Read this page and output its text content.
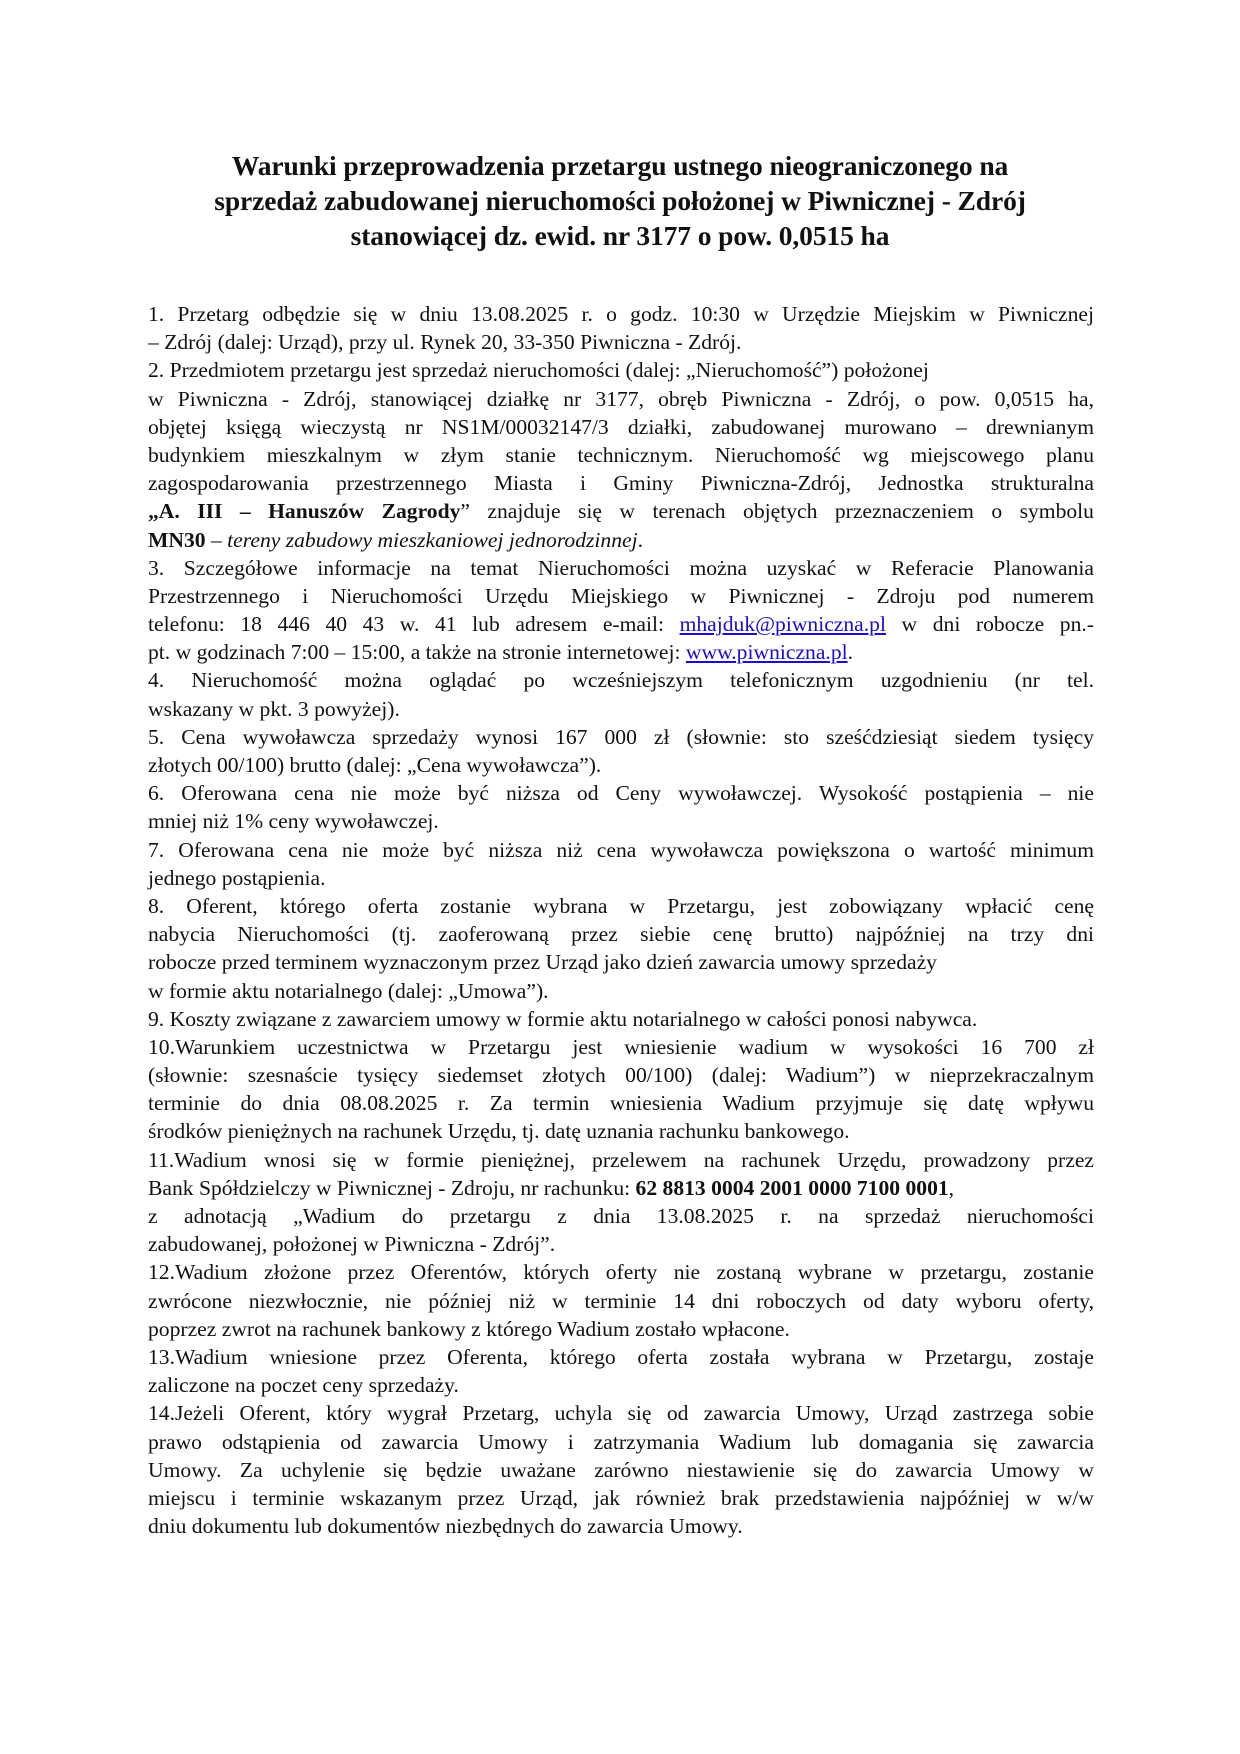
Warunki przeprowadzenia przetargu ustnego nieograniczonego na
sprzedaż zabudowanej nieruchomości położonej w Piwnicznej - Zdrój
stanowiącej dz. ewid. nr 3177 o pow. 0,0515 ha
1. Przetarg odbędzie się w dniu 13.08.2025 r. o godz. 10:30 w Urzędzie Miejskim w Piwnicznej
– Zdrój (dalej: Urząd), przy ul. Rynek 20, 33-350 Piwniczna - Zdrój.
2. Przedmiotem przetargu jest sprzedaż nieruchomości (dalej: „Nieruchomość”) położonej
w Piwniczna - Zdrój, stanowiącej działkę nr 3177, obręb Piwniczna - Zdrój, o pow. 0,0515 ha,
objętej księgą wieczystą nr NS1M/00032147/3 działki, zabudowanej murowano – drewnianym
budynkiem mieszkalnym w złym stanie technicznym. Nieruchomość wg miejscowego planu
zagospodarowania przestrzennego Miasta i Gminy Piwniczna-Zdrój, Jednostka strukturalna
„A. III – Hanuszów Zagrody” znajduje się w terenach objętych przeznaczeniem o symbolu
MN30 – tereny zabudowy mieszkaniowej jednorodzinnej.
3. Szczegółowe informacje na temat Nieruchomości można uzyskać w Referacie Planowania
Przestrzennego i Nieruchomości Urzędu Miejskiego w Piwnicznej - Zdroju pod numerem
telefonu: 18 446 40 43 w. 41 lub adresem e-mail: mhajduk@piwniczna.pl w dni robocze pn.-
pt. w godzinach 7:00 – 15:00, a także na stronie internetowej: www.piwniczna.pl.
4. Nieruchomość można oglądać po wcześniejszym telefonicznym uzgodnieniu (nr tel.
wskazany w pkt. 3 powyżej).
5. Cena wywoławcza sprzedaży wynosi 167 000 zł (słownie: sto sześćdziesiąt siedem tysięcy
złotych 00/100) brutto (dalej: „Cena wywoławcza”).
6. Oferowana cena nie może być niższa od Ceny wywoławczej. Wysokość postąpienia – nie
mniej niż 1% ceny wywoławczej.
7. Oferowana cena nie może być niższa niż cena wywoławcza powiększona o wartość minimum
jednego postąpienia.
8. Oferent, którego oferta zostanie wybrana w Przetargu, jest zobowiązany wpłacić cenę
nabycia Nieruchomości (tj. zaoferowaną przez siebie cenę brutto) najpóźniej na trzy dni
robocze przed terminem wyznaczonym przez Urząd jako dzień zawarcia umowy sprzedaży
w formie aktu notarialnego (dalej: „Umowa”).
9. Koszty związane z zawarciem umowy w formie aktu notarialnego w całości ponosi nabywca.
10.Warunkiem uczestnictwa w Przetargu jest wniesienie wadium w wysokości 16 700 zł
(słownie: szesnaście tysięcy siedemset złotych 00/100) (dalej: Wadium”) w nieprzekraczalnym
terminie do dnia 08.08.2025 r. Za termin wniesienia Wadium przyjmuje się datę wpływu
środków pieniężnych na rachunek Urzędu, tj. datę uznania rachunku bankowego.
11.Wadium wnosi się w formie pieniężnej, przelewem na rachunek Urzędu, prowadzony przez
Bank Spółdzielczy w Piwnicznej - Zdroju, nr rachunku: 62 8813 0004 2001 0000 7100 0001,
z adnotacją „Wadium do przetargu z dnia 13.08.2025 r. na sprzedaż nieruchomości
zabudowanej, położonej w Piwniczna - Zdrój”.
12.Wadium złożone przez Oferentów, których oferty nie zostaną wybrane w przetargu, zostanie
zwrócone niezwłocznie, nie później niż w terminie 14 dni roboczych od daty wyboru oferty,
poprzez zwrot na rachunek bankowy z którego Wadium zostało wpłacone.
13.Wadium wniesione przez Oferenta, którego oferta została wybrana w Przetargu, zostaje
zaliczone na poczet ceny sprzedaży.
14.Jeżeli Oferent, który wygrał Przetarg, uchyla się od zawarcia Umowy, Urząd zastrzega sobie
prawo odstąpienia od zawarcia Umowy i zatrzymania Wadium lub domagania się zawarcia
Umowy. Za uchylenie się będzie uważane zarówno niestawienie się do zawarcia Umowy w
miejscu i terminie wskazanym przez Urząd, jak również brak przedstawienia najpóźniej w w/w
dniu dokumentu lub dokumentów niezbędnych do zawarcia Umowy.
